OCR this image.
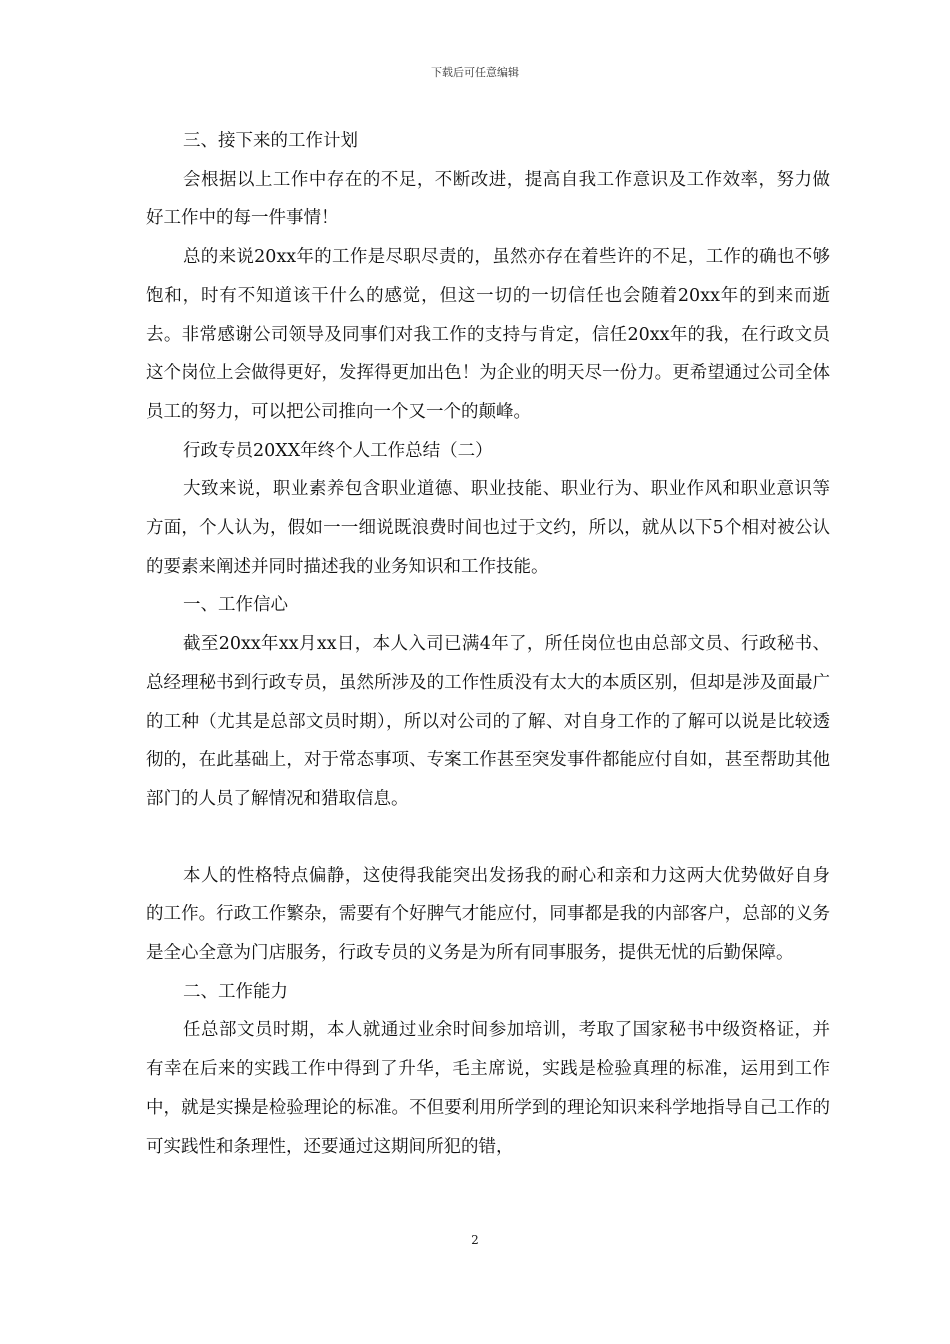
下载后可任意编辑

三、接下来的工作计划

会根据以上工作中存在的不足，不断改进，提高自我工作意识及工作效率，努力做好工作中的每一件事情！

总的来说20xx年的工作是尽职尽责的，虽然亦存在着些许的不足，工作的确也不够饱和，时有不知道该干什么的感觉，但这一切的一切信任也会随着20xx年的到来而逝去。非常感谢公司领导及同事们对我工作的支持与肯定，信任20xx年的我，在行政文员这个岗位上会做得更好，发挥得更加出色！为企业的明天尽一份力。更希望通过公司全体员工的努力，可以把公司推向一个又一个的颠峰。

行政专员20XX年终个人工作总结（二）

大致来说，职业素养包含职业道德、职业技能、职业行为、职业作风和职业意识等方面，个人认为，假如一一细说既浪费时间也过于文约，所以，就从以下5个相对被公认的要素来阐述并同时描述我的业务知识和工作技能。

一、工作信心

截至20xx年xx月xx日，本人入司已满4年了，所任岗位也由总部文员、行政秘书、总经理秘书到行政专员，虽然所涉及的工作性质没有太大的本质区别，但却是涉及面最广的工种（尤其是总部文员时期），所以对公司的了解、对自身工作的了解可以说是比较透彻的，在此基础上，对于常态事项、专案工作甚至突发事件都能应付自如，甚至帮助其他部门的人员了解情况和猎取信息。

本人的性格特点偏静，这使得我能突出发扬我的耐心和亲和力这两大优势做好自身的工作。行政工作繁杂，需要有个好脾气才能应付，同事都是我的内部客户，总部的义务是全心全意为门店服务，行政专员的义务是为所有同事服务，提供无忧的后勤保障。

二、工作能力

任总部文员时期，本人就通过业余时间参加培训，考取了国家秘书中级资格证，并有幸在后来的实践工作中得到了升华，毛主席说，实践是检验真理的标准，运用到工作中，就是实操是检验理论的标准。不但要利用所学到的理论知识来科学地指导自己工作的可实践性和条理性，还要通过这期间所犯的错，

2
